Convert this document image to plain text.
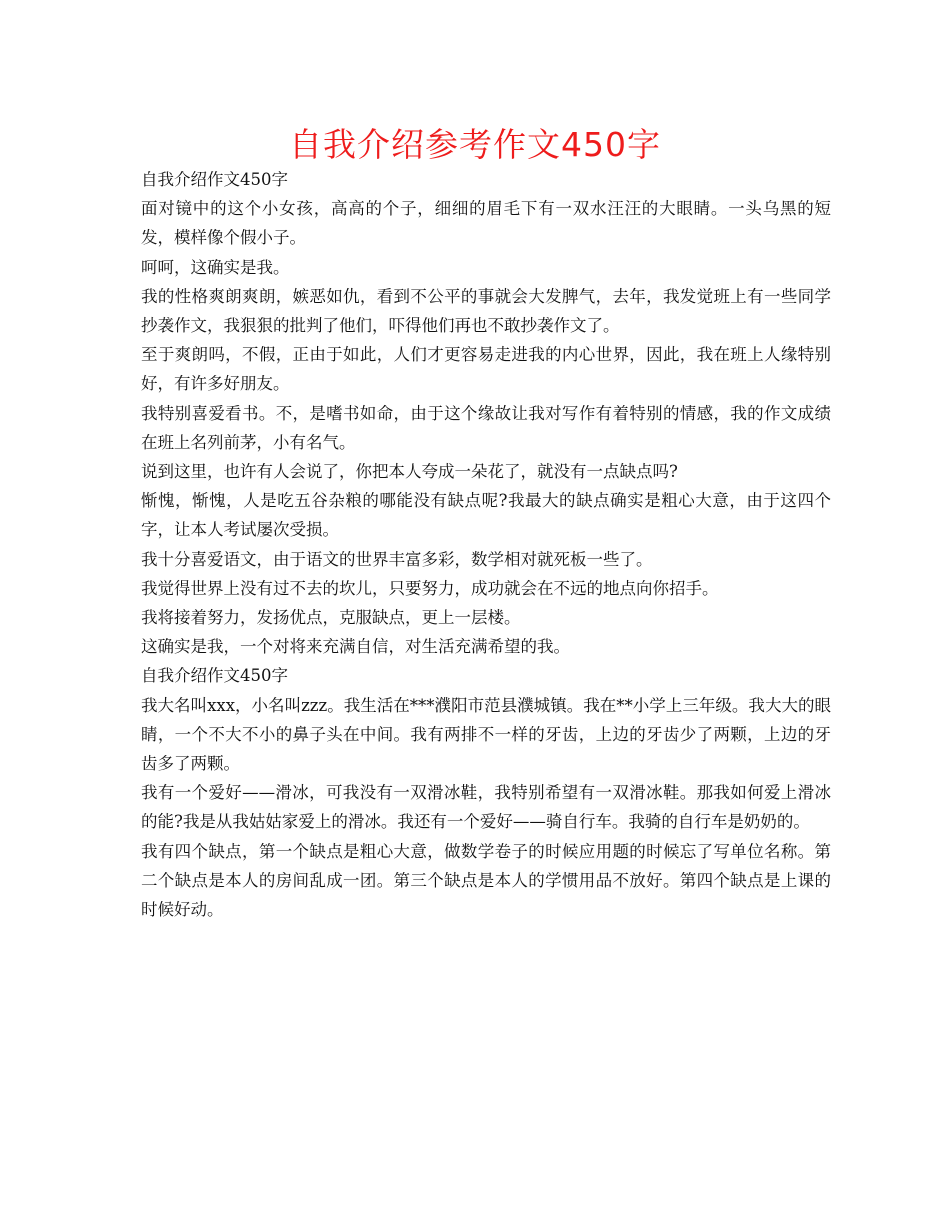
自我介绍参考作文450字

自我介绍作文450字

面对镜中的这个小女孩，高高的个子，细细的眉毛下有一双水汪汪的大眼睛。一头乌黑的短发，模样像个假小子。

呵呵，这确实是我。

我的性格爽朗爽朗，嫉恶如仇，看到不公平的事就会大发脾气，去年，我发觉班上有一些同学抄袭作文，我狠狠的批判了他们，吓得他们再也不敢抄袭作文了。

至于爽朗吗，不假，正由于如此，人们才更容易走进我的内心世界，因此，我在班上人缘特别好，有许多好朋友。

我特别喜爱看书。不，是嗜书如命，由于这个缘故让我对写作有着特别的情感，我的作文成绩在班上名列前茅，小有名气。

说到这里，也许有人会说了，你把本人夸成一朵花了，就没有一点缺点吗?

惭愧，惭愧，人是吃五谷杂粮的哪能没有缺点呢?我最大的缺点确实是粗心大意，由于这四个字，让本人考试屡次受损。

我十分喜爱语文，由于语文的世界丰富多彩，数学相对就死板一些了。

我觉得世界上没有过不去的坎儿，只要努力，成功就会在不远的地点向你招手。

我将接着努力，发扬优点，克服缺点，更上一层楼。

这确实是我，一个对将来充满自信，对生活充满希望的我。

自我介绍作文450字

我大名叫xxx，小名叫zzz。我生活在***濮阳市范县濮城镇。我在**小学上三年级。我大大的眼睛，一个不大不小的鼻子头在中间。我有两排不一样的牙齿，上边的牙齿少了两颗，上边的牙齿多了两颗。

我有一个爱好——滑冰，可我没有一双滑冰鞋，我特别希望有一双滑冰鞋。那我如何爱上滑冰的能?我是从我姑姑家爱上的滑冰。我还有一个爱好——骑自行车。我骑的自行车是奶奶的。

我有四个缺点，第一个缺点是粗心大意，做数学卷子的时候应用题的时候忘了写单位名称。第二个缺点是本人的房间乱成一团。第三个缺点是本人的学惯用品不放好。第四个缺点是上课的时候好动。
